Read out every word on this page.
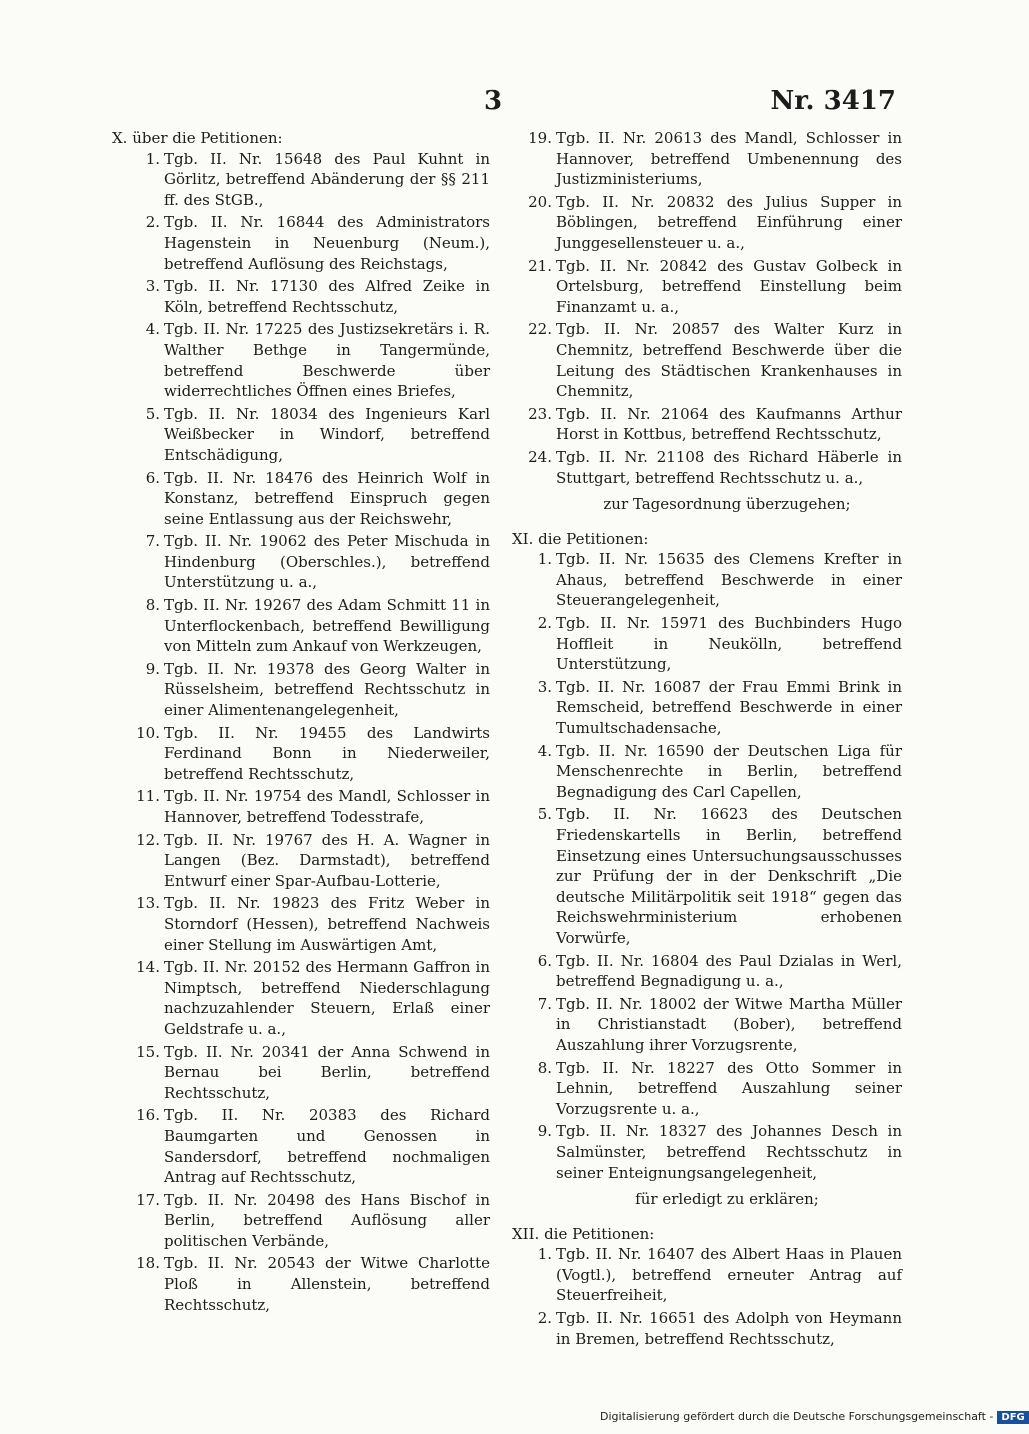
3	Nr. 3417
X. über die Petitionen:
1. Tgb. II. Nr. 15648 des Paul Kuhnt in Görlitz, betreffend Abänderung der §§ 211 ff. des StGB.,
2. Tgb. II. Nr. 16844 des Administrators Hagenstein in Neuenburg (Neum.), betreffend Auflösung des Reichstags,
3. Tgb. II. Nr. 17130 des Alfred Zeike in Köln, betreffend Rechtsschutz,
4. Tgb. II. Nr. 17225 des Justizsekretärs i. R. Walther Bethge in Tangermünde, betreffend Beschwerde über widerrechtliches Öffnen eines Briefes,
5. Tgb. II. Nr. 18034 des Ingenieurs Karl Weißbecker in Windorf, betreffend Entschädigung,
6. Tgb. II. Nr. 18476 des Heinrich Wolf in Konstanz, betreffend Einspruch gegen seine Entlassung aus der Reichswehr,
7. Tgb. II. Nr. 19062 des Peter Mischuda in Hindenburg (Oberschles.), betreffend Unterstützung u. a.,
8. Tgb. II. Nr. 19267 des Adam Schmitt 11 in Unterflockenbach, betreffend Bewilligung von Mitteln zum Ankauf von Werkzeugen,
9. Tgb. II. Nr. 19378 des Georg Walter in Rüsselsheim, betreffend Rechtsschutz in einer Alimentenangelegenheit,
10. Tgb. II. Nr. 19455 des Landwirts Ferdinand Bonn in Niederweiler, betreffend Rechtsschutz,
11. Tgb. II. Nr. 19754 des Mandl, Schlosser in Hannover, betreffend Todesstrafe,
12. Tgb. II. Nr. 19767 des H. A. Wagner in Langen (Bez. Darmstadt), betreffend Entwurf einer Spar-Aufbau-Lotterie,
13. Tgb. II. Nr. 19823 des Fritz Weber in Storndorf (Hessen), betreffend Nachweis einer Stellung im Auswärtigen Amt,
14. Tgb. II. Nr. 20152 des Hermann Gaffron in Nimptsch, betreffend Niederschlagung nachzuzahlender Steuern, Erlaß einer Geldstrafe u. a.,
15. Tgb. II. Nr. 20341 der Anna Schwend in Bernau bei Berlin, betreffend Rechtsschutz,
16. Tgb. II. Nr. 20383 des Richard Baumgarten und Genossen in Sandersdorf, betreffend nochmaligen Antrag auf Rechtsschutz,
17. Tgb. II. Nr. 20498 des Hans Bischof in Berlin, betreffend Auflösung aller politischen Verbände,
18. Tgb. II. Nr. 20543 der Witwe Charlotte Ploß in Allenstein, betreffend Rechtsschutz,
19. Tgb. II. Nr. 20613 des Mandl, Schlosser in Hannover, betreffend Umbenennung des Justizministeriums,
20. Tgb. II. Nr. 20832 des Julius Supper in Böblingen, betreffend Einführung einer Junggesellensteuer u. a.,
21. Tgb. II. Nr. 20842 des Gustav Golbeck in Ortelsburg, betreffend Einstellung beim Finanzamt u. a.,
22. Tgb. II. Nr. 20857 des Walter Kurz in Chemnitz, betreffend Beschwerde über die Leitung des Städtischen Krankenhauses in Chemnitz,
23. Tgb. II. Nr. 21064 des Kaufmanns Arthur Horst in Kottbus, betreffend Rechtsschutz,
24. Tgb. II. Nr. 21108 des Richard Häberle in Stuttgart, betreffend Rechtsschutz u. a.,
zur Tagesordnung überzugehen;
XI. die Petitionen:
1. Tgb. II. Nr. 15635 des Clemens Krefter in Ahaus, betreffend Beschwerde in einer Steuerangelegenheit,
2. Tgb. II. Nr. 15971 des Buchbinders Hugo Hoffleit in Neukölln, betreffend Unterstützung,
3. Tgb. II. Nr. 16087 der Frau Emmi Brink in Remscheid, betreffend Beschwerde in einer Tumultschadensache,
4. Tgb. II. Nr. 16590 der Deutschen Liga für Menschenrechte in Berlin, betreffend Begnadigung des Carl Capellen,
5. Tgb. II. Nr. 16623 des Deutschen Friedenskartells in Berlin, betreffend Einsetzung eines Untersuchungsausschusses zur Prüfung der in der Denkschrift „Die deutsche Militärpolitik seit 1918“ gegen das Reichswehrministerium erhobenen Vorwürfe,
6. Tgb. II. Nr. 16804 des Paul Dzialas in Werl, betreffend Begnadigung u. a.,
7. Tgb. II. Nr. 18002 der Witwe Martha Müller in Christianstadt (Bober), betreffend Auszahlung ihrer Vorzugsrente,
8. Tgb. II. Nr. 18227 des Otto Sommer in Lehnin, betreffend Auszahlung seiner Vorzugsrente u. a.,
9. Tgb. II. Nr. 18327 des Johannes Desch in Salmünster, betreffend Rechtsschutz in seiner Enteignungsangelegenheit,
für erledigt zu erklären;
XII. die Petitionen:
1. Tgb. II. Nr. 16407 des Albert Haas in Plauen (Vogtl.), betreffend erneuter Antrag auf Steuerfreiheit,
2. Tgb. II. Nr. 16651 des Adolph von Heymann in Bremen, betreffend Rechtsschutz,
Digitalisierung gefördert durch die Deutsche Forschungsgemeinschaft - DFG
